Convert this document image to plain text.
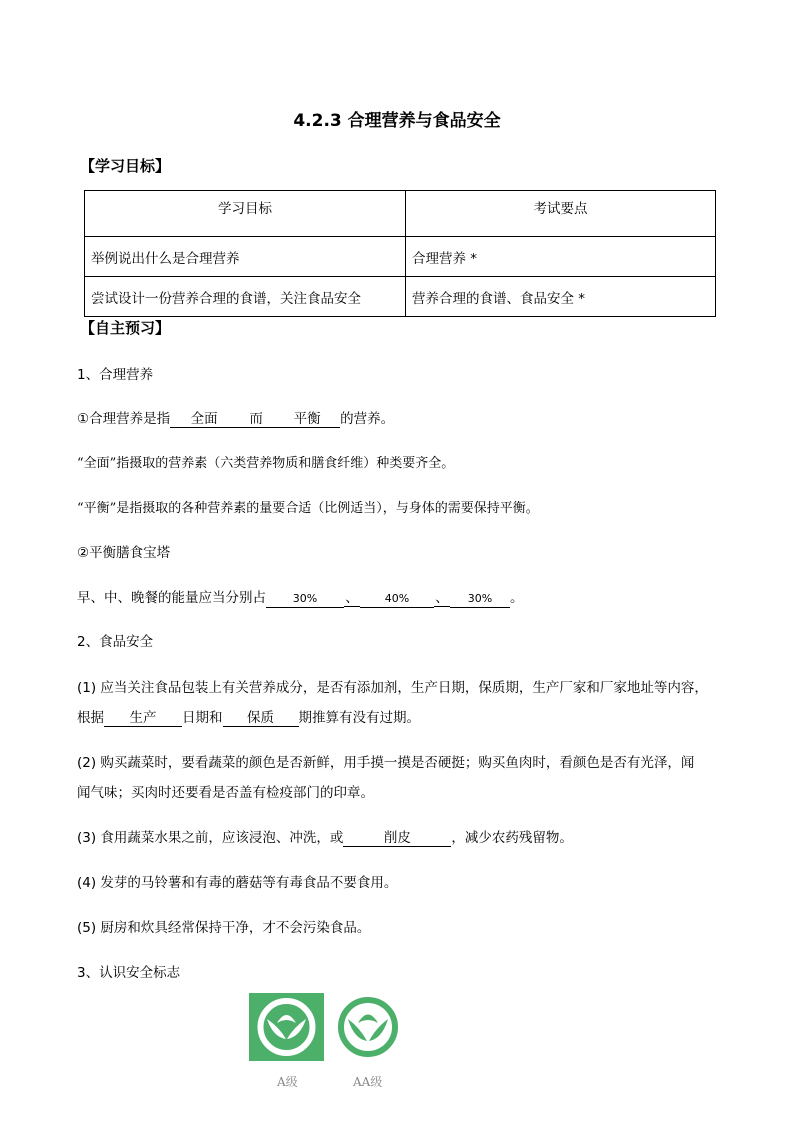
4.2.3 合理营养与食品安全
【学习目标】
学习目标	考试要点
举例说出什么是合理营养	合理营养 *
尝试设计一份营养合理的食谱，关注食品安全	营养合理的食谱、食品安全 *
【自主预习】
1、合理营养
①合理营养是指 全面 而 平衡 的营养。
“全面”指摄取的营养素（六类营养物质和膳食纤维）种类要齐全。
“平衡”是指摄取的各种营养素的量要合适（比例适当），与身体的需要保持平衡。
②平衡膳食宝塔
早、中、晚餐的能量应当分别占 30% 、 40% 、 30% 。
2、食品安全
(1) 应当关注食品包装上有关营养成分，是否有添加剂，生产日期，保质期，生产厂家和厂家地址等内容，
根据 生产 日期和 保质 期推算有没有过期。
(2) 购买蔬菜时，要看蔬菜的颜色是否新鲜，用手摸一摸是否硬挺；购买鱼肉时，看颜色是否有光泽，闻
闻气味；买肉时还要看是否盖有检疫部门的印章。
(3) 食用蔬菜水果之前，应该浸泡、冲洗，或	削皮	，减少农药残留物。
(4) 发芽的马铃薯和有毒的蘑菇等有毒食品不要食用。
(5) 厨房和炊具经常保持干净，才不会污染食品。
3、认识安全标志
A级	AA级
